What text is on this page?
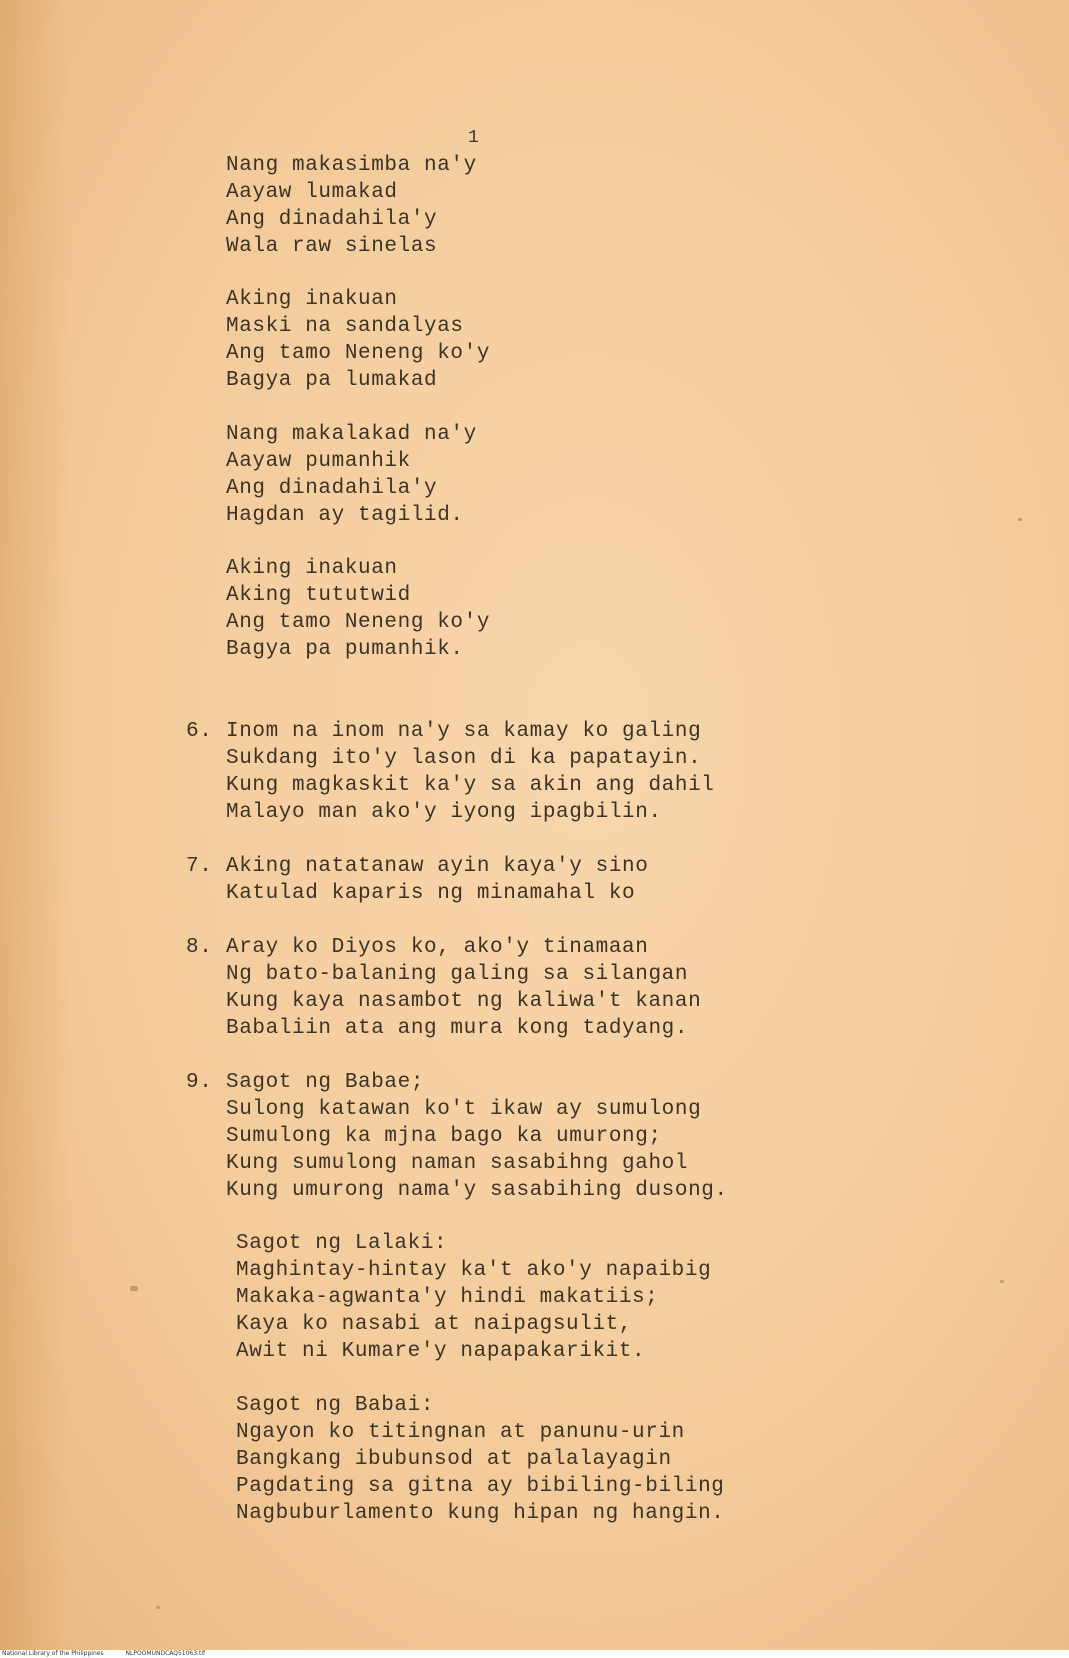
1
Nang makasimba na'y
Aayaw lumakad
Ang dinadahila'y
Wala raw sinelas
Aking inakuan
Maski na sandalyas
Ang tamo Neneng ko'y
Bagya pa lumakad
Nang makalakad na'y
Aayaw pumanhik
Ang dinadahila'y
Hagdan ay tagilid.
Aking inakuan
Aking tututwid
Ang tamo Neneng ko'y
Bagya pa pumanhik.
6. Inom na inom na'y sa kamay ko galing
Sukdang ito'y lason di ka papatayin.
Kung magkaskit ka'y sa akin ang dahil
Malayo man ako'y iyong ipagbilin.
7. Aking natatanaw ayin kaya'y sino
Katulad kaparis ng minamahal ko
8. Aray ko Diyos ko, ako'y tinamaan
Ng bato-balaning galing sa silangan
Kung kaya nasambot ng kaliwa't kanan
Babaliin ata ang mura kong tadyang.
9. Sagot ng Babae;
Sulong katawan ko't ikaw ay sumulong
Sumulong ka mjna bago ka umurong;
Kung sumulong naman sasabihng gahol
Kung umurong nama'y sasabihing dusong.
Sagot ng Lalaki:
Maghintay-hintay ka't ako'y napaibig
Makaka-agwanta'y hindi makatiis;
Kaya ko nasabi at naipagsulit,
Awit ni Kumare'y napapakarikit.
Sagot ng Babai:
Ngayon ko titingnan at panunu-urin
Bangkang ibubunsod at palalayagin
Pagdating sa gitna ay bibiling-biling
Nagbuburlamento kung hipan ng hangin.
National Library of the Philippines	NLPOOMUNDCAQ51063.tif
